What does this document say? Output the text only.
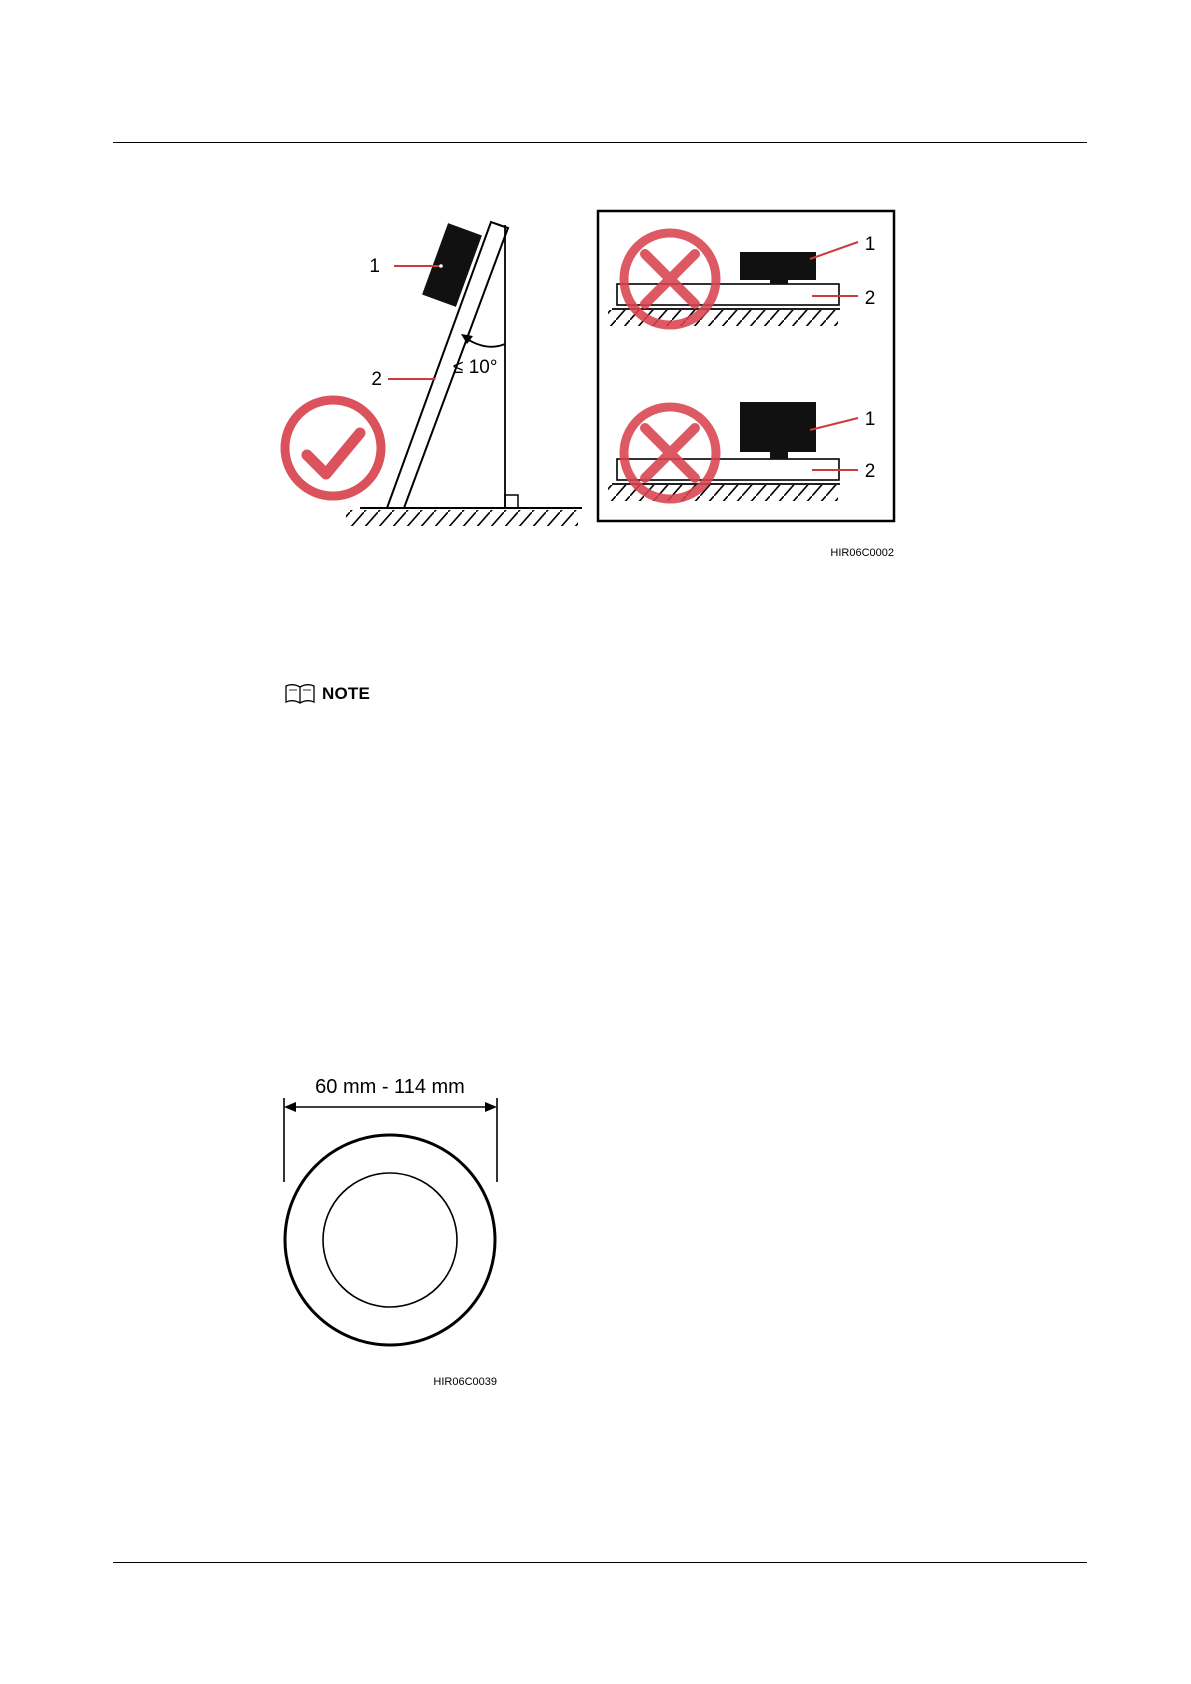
1
2
≤ 10°
1
2
1
2
HIR06C0002
60 mm - 114 mm
HIR06C0039
NOTE
